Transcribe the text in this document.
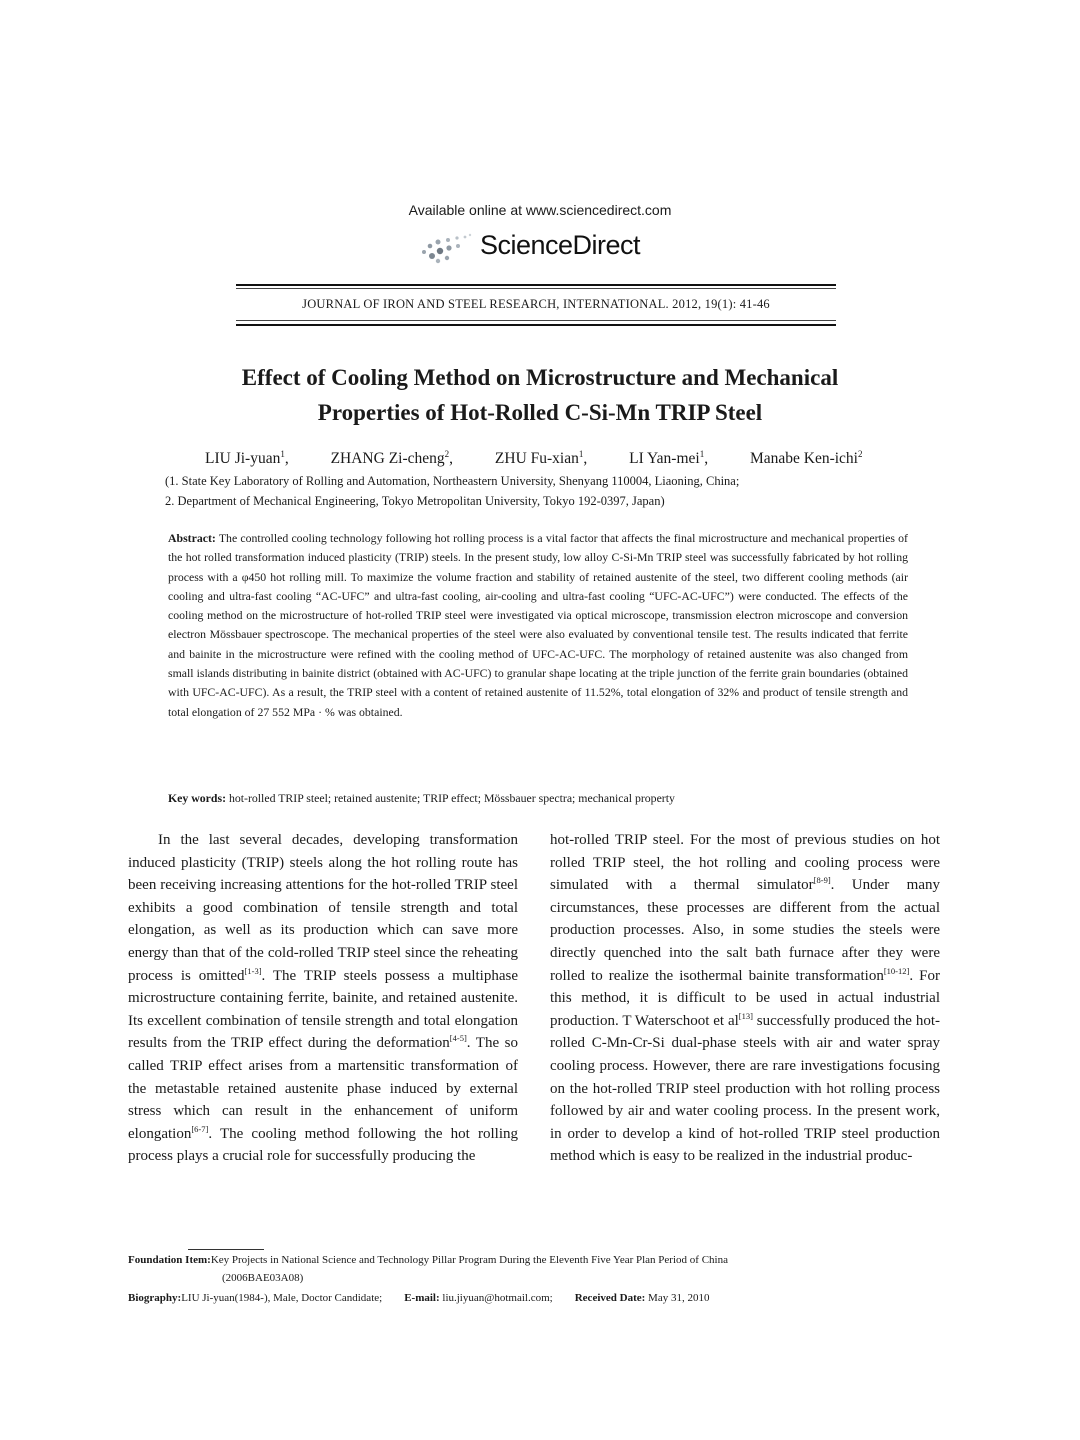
Available online at www.sciencedirect.com
ScienceDirect
JOURNAL OF IRON AND STEEL RESEARCH, INTERNATIONAL. 2012, 19(1): 41-46
Effect of Cooling Method on Microstructure and Mechanical
Properties of Hot-Rolled C-Si-Mn TRIP Steel
LIU Ji-yuan$^1$,	ZHANG Zi-cheng$^2$,	ZHU Fu-xian$^1$,	LI Yan-mei$^1$,	Manabe Ken-ichi$^2$
(1. State Key Laboratory of Rolling and Automation, Northeastern University, Shenyang 110004, Liaoning, China;
2. Department of Mechanical Engineering, Tokyo Metropolitan University, Tokyo 192-0397, Japan)
Abstract: The controlled cooling technology following hot rolling process is a vital factor that affects the final microstructure and mechanical properties of the hot rolled transformation induced plasticity (TRIP) steels. In the present study, low alloy C-Si-Mn TRIP steel was successfully fabricated by hot rolling process with a φ450 hot rolling mill. To maximize the volume fraction and stability of retained austenite of the steel, two different cooling methods (air cooling and ultra-fast cooling “AC-UFC” and ultra-fast cooling, air-cooling and ultra-fast cooling “UFC-AC-UFC”) were conducted. The effects of the cooling method on the microstructure of hot-rolled TRIP steel were investigated via optical microscope, transmission electron microscope and conversion electron Mössbauer spectroscope. The mechanical properties of the steel were also evaluated by conventional tensile test. The results indicated that ferrite and bainite in the microstructure were refined with the cooling method of UFC-AC-UFC. The morphology of retained austenite was also changed from small islands distributing in bainite district (obtained with AC-UFC) to granular shape locating at the triple junction of the ferrite grain boundaries (obtained with UFC-AC-UFC). As a result, the TRIP steel with a content of retained austenite of 11.52%, total elongation of 32% and product of tensile strength and total elongation of 27 552 MPa · % was obtained.
Key words: hot-rolled TRIP steel; retained austenite; TRIP effect; Mössbauer spectra; mechanical property
In the last several decades, developing transformation induced plasticity (TRIP) steels along the hot rolling route has been receiving increasing attentions for the hot-rolled TRIP steel exhibits a good combination of tensile strength and total elongation, as well as its production which can save more energy than that of the cold-rolled TRIP steel since the reheating process is omitted[1-3]. The TRIP steels possess a multiphase microstructure containing ferrite, bainite, and retained austenite. Its excellent combination of tensile strength and total elongation results from the TRIP effect during the deformation[4-5]. The so called TRIP effect arises from a martensitic transformation of the metastable retained austenite phase induced by external stress which can result in the enhancement of uniform elongation[6-7]. The cooling method following the hot rolling process plays a crucial role for successfully producing the
hot-rolled TRIP steel. For the most of previous studies on hot rolled TRIP steel, the hot rolling and cooling process were simulated with a thermal simulator[8-9]. Under many circumstances, these processes are different from the actual production processes. Also, in some studies the steels were directly quenched into the salt bath furnace after they were rolled to realize the isothermal bainite transformation[10-12]. For this method, it is difficult to be used in actual industrial production. T Waterschoot et al[13] successfully produced the hot-rolled C-Mn-Cr-Si dual-phase steels with air and water spray cooling process. However, there are rare investigations focusing on the hot-rolled TRIP steel production with hot rolling process followed by air and water cooling process. In the present work, in order to develop a kind of hot-rolled TRIP steel production method which is easy to be realized in the industrial produc-
Foundation Item:Key Projects in National Science and Technology Pillar Program During the Eleventh Five Year Plan Period of China
(2006BAE03A08)
Biography:LIU Ji-yuan(1984-), Male, Doctor Candidate; E-mail: liu.jiyuan@hotmail.com; Received Date: May 31, 2010
